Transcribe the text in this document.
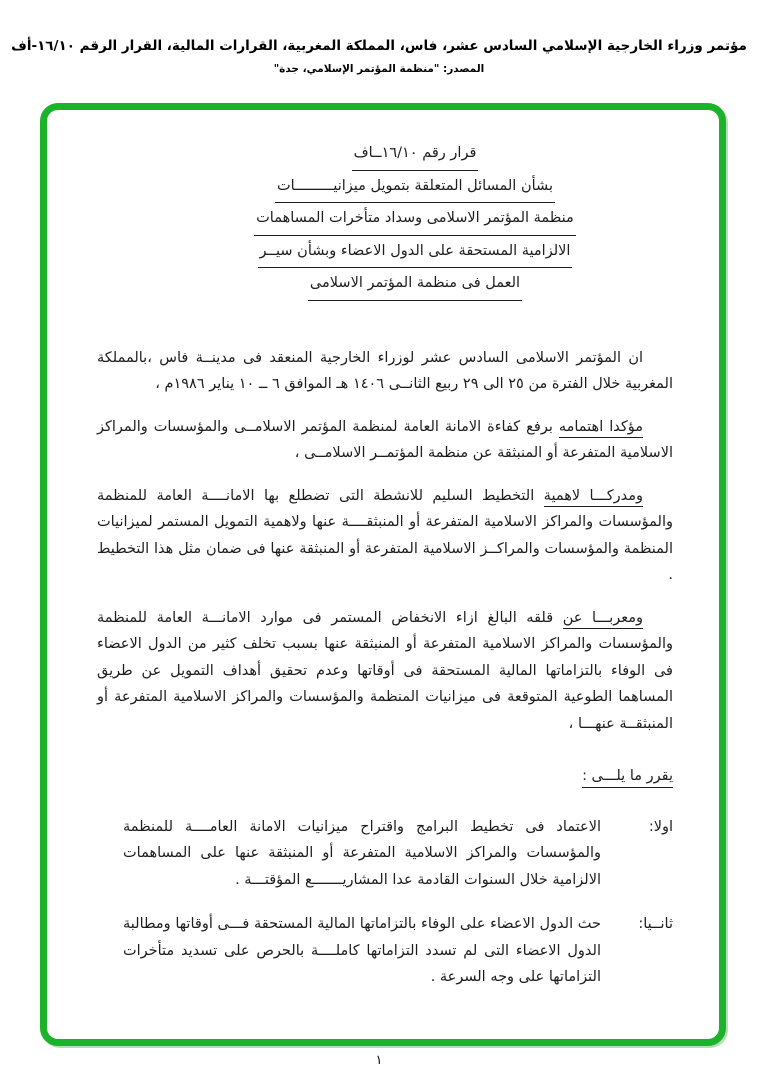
مؤتمر وزراء الخارجية الإسلامي السادس عشر، فاس، المملكة المغربية، القرارات المالية، القرار الرقم ١٦/١٠-أف
المصدر: "منظمة المؤتمر الإسلامي، جدة"
قرار رقم ١٦/١٠ــاف
بشأن المسائل المتعلقة بتمويل ميزانيـــــــــات
منظمة المؤتمر الاسلامى وسداد متأخرات المساهمات
الالزامية المستحقة على الدول الاعضاء وبشأن سيــر
العمل فى منظمة المؤتمر الاسلامى

ان المؤتمر الاسلامى السادس عشر لوزراء الخارجية المنعقد فى مدينــة فاس ،بالمملكة المغربية خلال الفترة من ٢٥ الى ٢٩ ربيع الثانــى ١٤٠٦ هـ الموافق ٦ ــ ١٠ يناير ١٩٨٦م ،

مؤكدا اهتمامه برفع كفاءة الامانة العامة لمنظمة المؤتمر الاسلامــى والمؤسسات والمراكز الاسلامية المتفرعة أو المنبثقة عن منظمة المؤتمــر الاسلامــى ،

ومدركـــا لاهمية التخطيط السليم للانشطة التى تضطلع بها الامانــــة العامة للمنظمة والمؤسسات والمراكز الاسلامية المتفرعة أو المنبثقــــة عنها ولاهمية التمويل المستمر لميزانيات المنظمة والمؤسسات والمراكــز الاسلامية المتفرعة أو المنبثقة عنها فى ضمان مثل هذا التخطيط .

ومعربـــا عن قلقه البالغ ازاء الانخفاض المستمر فى موارد الامانـــة العامة للمنظمة والمؤسسات والمراكز الاسلامية المتفرعة أو المنبثقة عنها بسبب تخلف كثير من الدول الاعضاء فى الوفاء بالتزاماتها المالية المستحقة فى أوقاتها وعدم تحقيق أهداف التمويل عن طريق المساهما الطوعية المتوقعة فى ميزانيات المنظمة والمؤسسات والمراكز الاسلامية المتفرعة أو المنبثقــة عنهـــا ،

يقرر ما يلـــى :
اولا:
الاعتماد فى تخطيط البرامج واقتراح ميزانيات الامانة العامــــة للمنظمة والمؤسسات والمراكز الاسلامية المتفرعة أو المنبثقة عنها على المساهمات الالزامية خلال السنوات القادمة عدا المشاريـــــــع المؤقتـــة .
ثانــيا:
حث الدول الاعضاء على الوفاء بالتزاماتها المالية المستحقة فـــى أوقاتها ومطالبة الدول الاعضاء التى لم تسدد التزاماتها كاملــــة بالحرص على تسديد متأخرات التزاماتها على وجه السرعة .
١
